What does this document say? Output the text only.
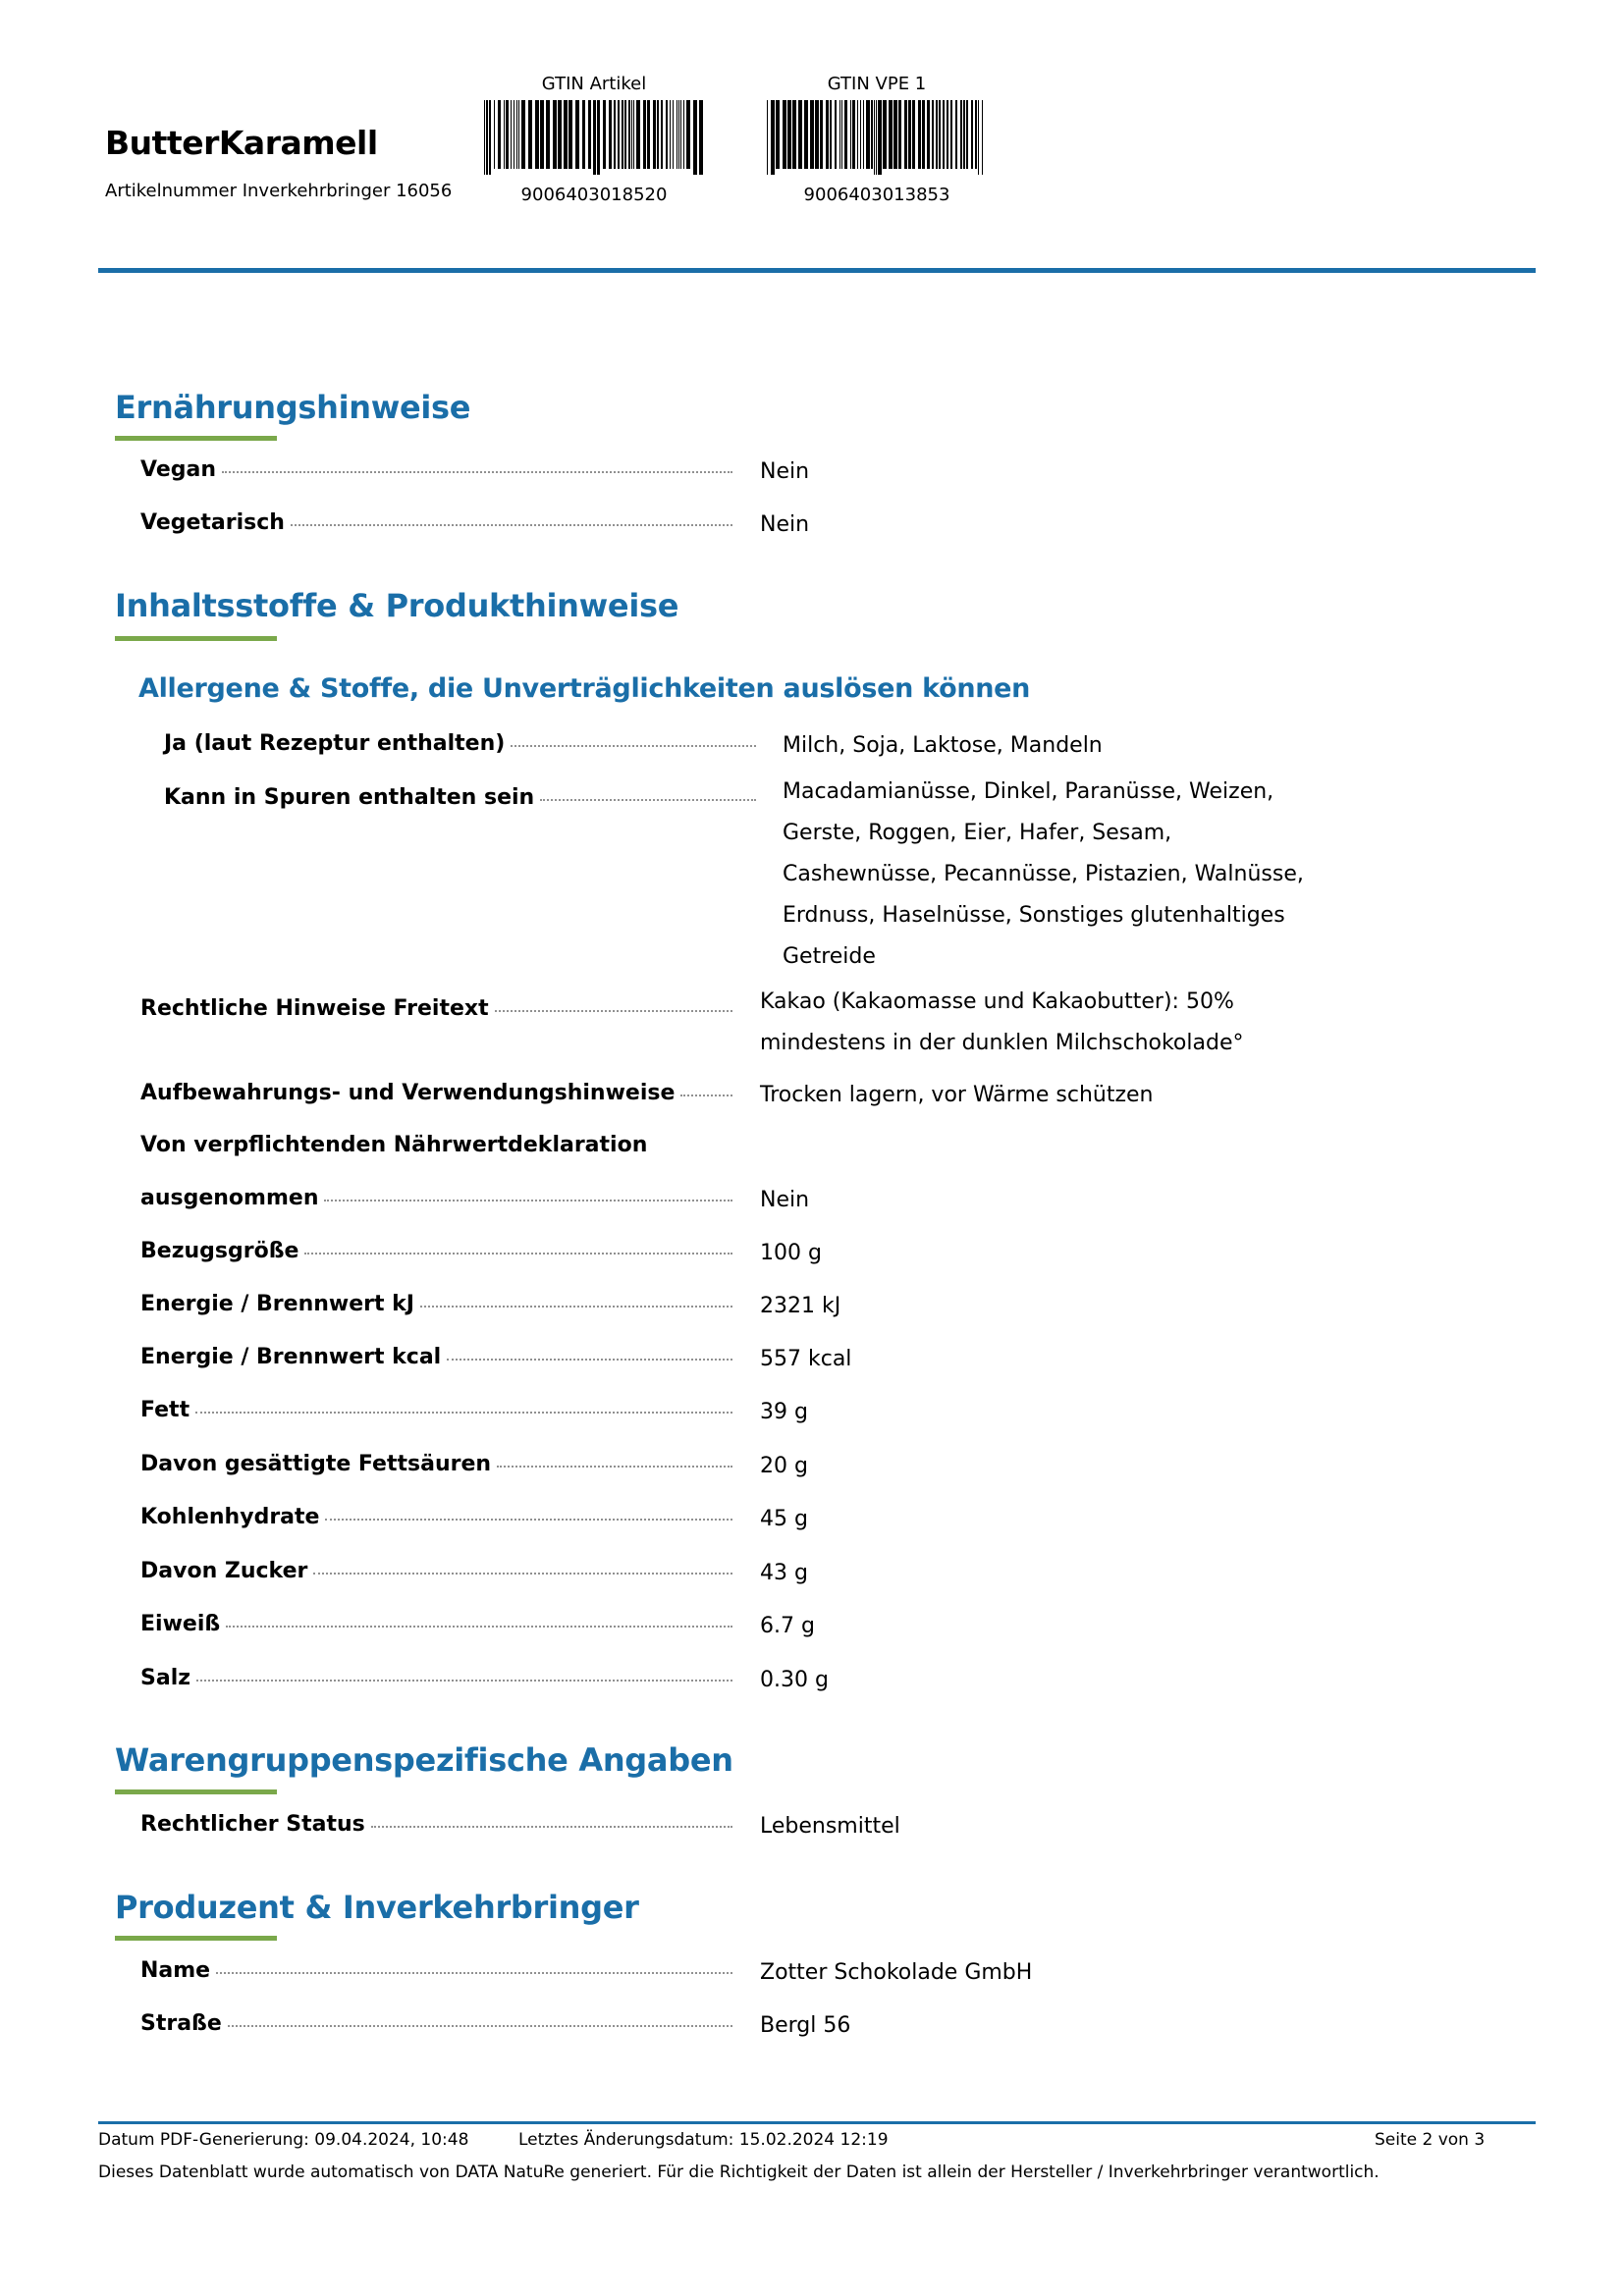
ButterKaramell
Artikelnummer Inverkehrbringer 16056
GTIN Artikel
9006403018520
GTIN VPE 1
9006403013853
Ernährungshinweise
Vegan	Nein
Vegetarisch	Nein
Inhaltsstoffe & Produkthinweise
Allergene & Stoffe, die Unverträglichkeiten auslösen können
Ja (laut Rezeptur enthalten)	Milch, Soja, Laktose, Mandeln
Kann in Spuren enthalten sein	Macadamianüsse, Dinkel, Paranüsse, Weizen,
Gerste, Roggen, Eier, Hafer, Sesam,
Cashewnüsse, Pecannüsse, Pistazien, Walnüsse,
Erdnuss, Haselnüsse, Sonstiges glutenhaltiges
Getreide
Rechtliche Hinweise Freitext	Kakao (Kakaomasse und Kakaobutter): 50%
mindestens in der dunklen Milchschokolade°
Aufbewahrungs- und Verwendungshinweise	Trocken lagern, vor Wärme schützen
Von verpflichtenden Nährwertdeklaration
ausgenommen	Nein
Bezugsgröße	100 g
Energie / Brennwert kJ	2321 kJ
Energie / Brennwert kcal	557 kcal
Fett	39 g
Davon gesättigte Fettsäuren	20 g
Kohlenhydrate	45 g
Davon Zucker	43 g
Eiweiß	6.7 g
Salz	0.30 g
Warengruppenspezifische Angaben
Rechtlicher Status	Lebensmittel
Produzent & Inverkehrbringer
Name	Zotter Schokolade GmbH
Straße	Bergl 56
Datum PDF-Generierung: 09.04.2024, 10:48	Letztes Änderungsdatum: 15.02.2024 12:19	Seite 2 von 3
Dieses Datenblatt wurde automatisch von DATA NatuRe generiert. Für die Richtigkeit der Daten ist allein der Hersteller / Inverkehrbringer verantwortlich.
